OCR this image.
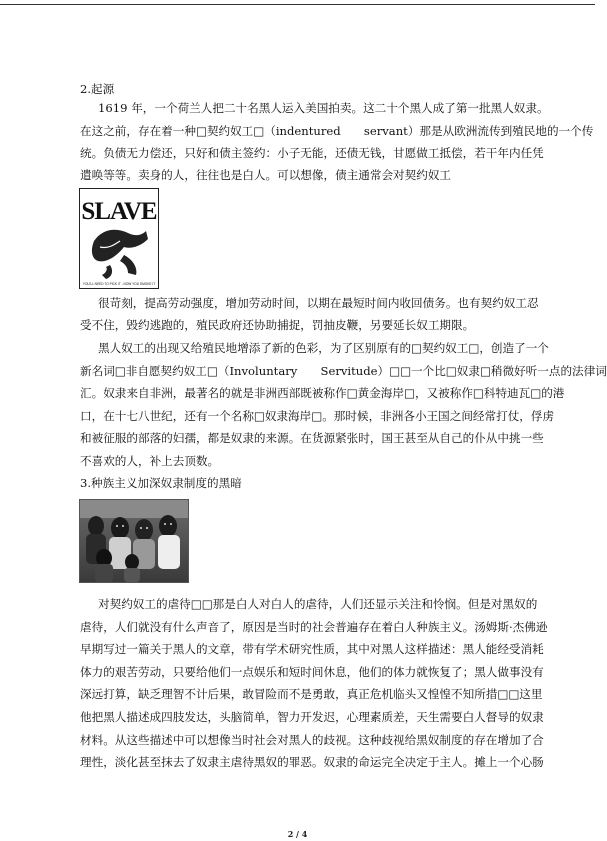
2.起源
1619 年，一个荷兰人把二十名黑人运入美国拍卖。这二十个黑人成了第一批黑人奴隶。
在这之前，存在着一种□契约奴工□（indentured　　servant）那是从欧洲流传到殖民地的一个传
统。负债无力偿还，只好和债主签约：小子无能，还债无钱，甘愿做工抵偿，若干年内任凭
遣唤等等。卖身的人，往往也是白人。可以想像，债主通常会对契约奴工
SLAVE
YOU'LL NEED TO PICK IT - NOW YOU SMOKE IT
很苛刻，提高劳动强度，增加劳动时间，以期在最短时间内收回债务。也有契约奴工忍
受不住，毁约逃跑的，殖民政府还协助捕捉，罚抽皮鞭，另要延长奴工期限。
黑人奴工的出现又给殖民地增添了新的色彩，为了区别原有的□契约奴工□，创造了一个
新名词□非自愿契约奴工□（Involuntary　　Servitude）□□一个比□奴隶□稍微好听一点的法律词
汇。奴隶来自非洲，最著名的就是非洲西部既被称作□黄金海岸□，又被称作□科特迪瓦□的港
口，在十七八世纪，还有一个名称□奴隶海岸□。那时候，非洲各小王国之间经常打仗，俘虏
和被征服的部落的妇孺，都是奴隶的来源。在货源紧张时，国王甚至从自己的仆从中挑一些
不喜欢的人，补上去顶数。
3.种族主义加深奴隶制度的黑暗
对契约奴工的虐待□□那是白人对白人的虐待，人们还显示关注和怜悯。但是对黑奴的
虐待，人们就没有什么声音了，原因是当时的社会普遍存在着白人种族主义。汤姆斯·杰佛逊
早期写过一篇关于黑人的文章，带有学术研究性质，其中对黑人这样描述：黑人能经受消耗
体力的艰苦劳动，只要给他们一点娱乐和短时间休息，他们的体力就恢复了；黑人做事没有
深远打算，缺乏理智不计后果，敢冒险而不是勇敢，真正危机临头又惶惶不知所措□□这里
他把黑人描述成四肢发达，头脑简单，智力开发迟，心理素质差，天生需要白人督导的奴隶
材料。从这些描述中可以想像当时社会对黑人的歧视。这种歧视给黑奴制度的存在增加了合
理性，淡化甚至抹去了奴隶主虐待黑奴的罪恶。奴隶的命运完全决定于主人。摊上一个心肠
2 / 4
